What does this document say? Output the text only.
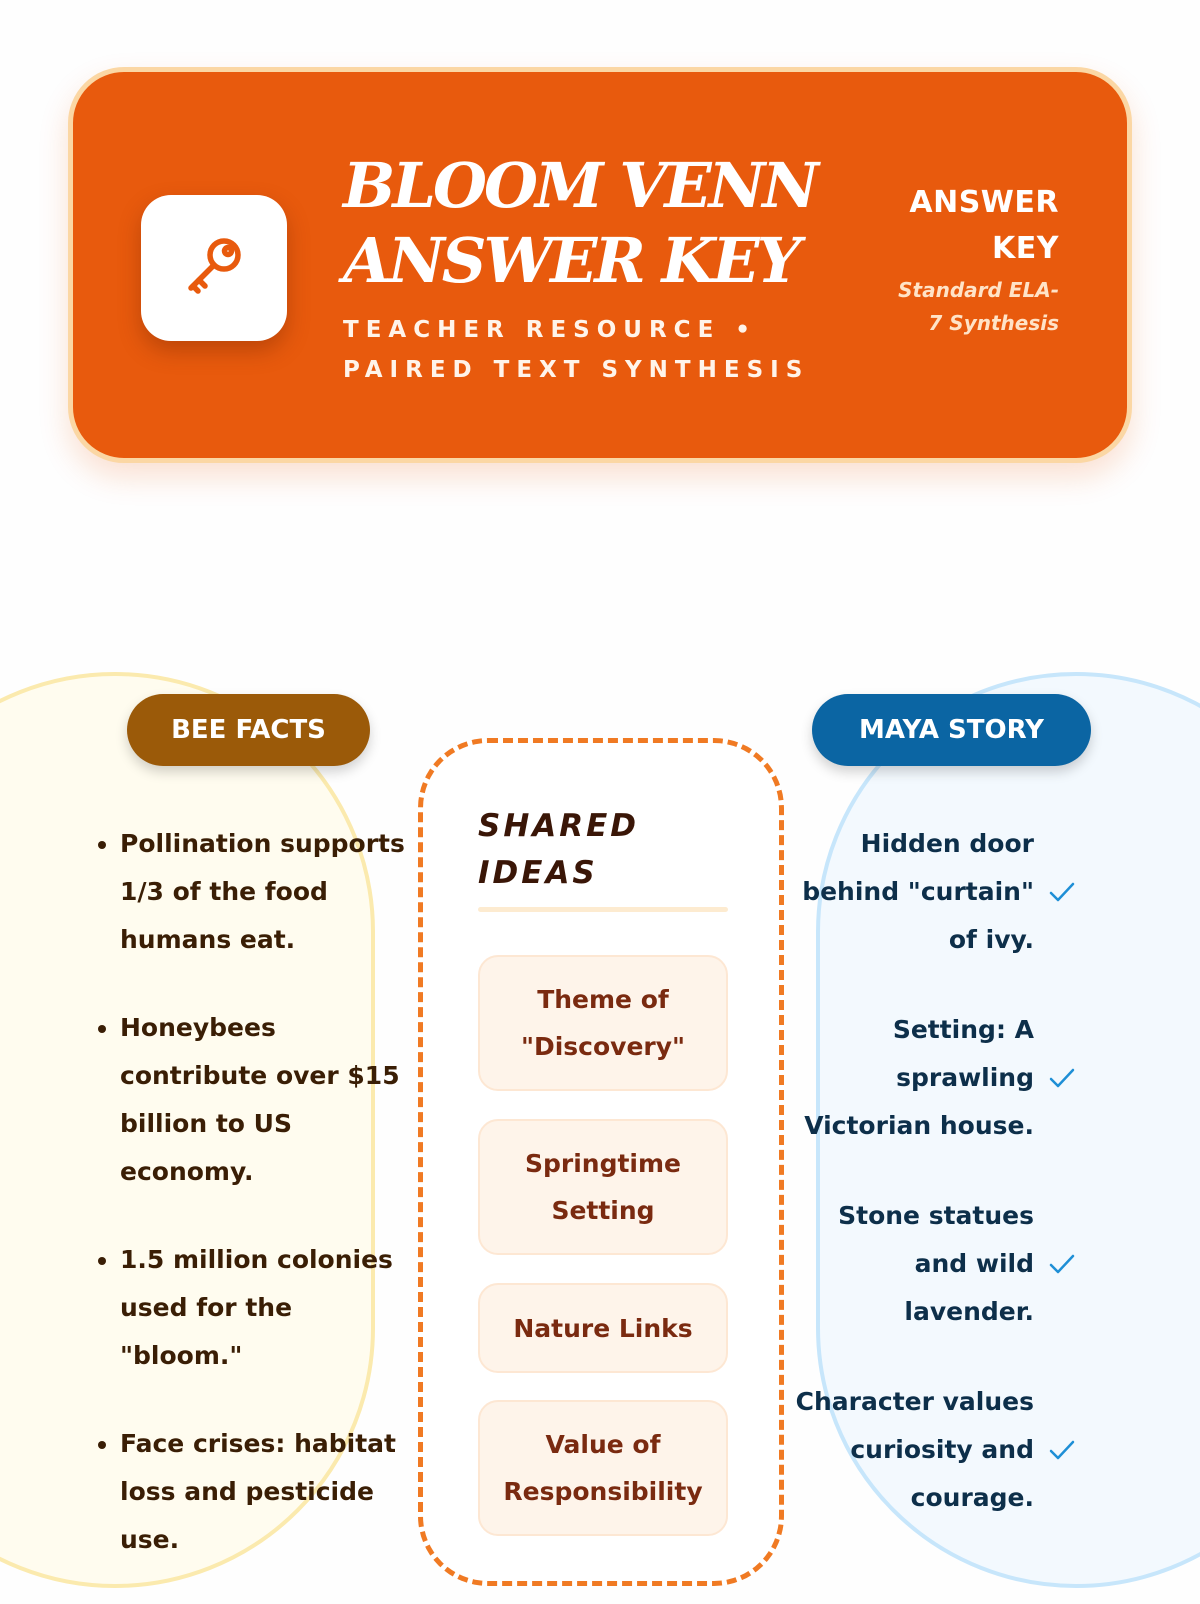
BLOOM VENN
ANSWER KEY
TEACHER RESOURCE •
PAIRED TEXT SYNTHESIS
ANSWER
KEY
Standard ELA-
7 Synthesis
BEE FACTS	MAYA STORY
• Pollination supports 1/3 of the food humans eat.
• Honeybees contribute over $15 billion to US economy.
• 1.5 million colonies used for the "bloom."
• Face crises: habitat loss and pesticide use.
Hidden door behind "curtain" of ivy.
Setting: A sprawling Victorian house.
Stone statues and wild lavender.
Character values curiosity and courage.
SHARED
IDEAS
Theme of "Discovery"
Springtime Setting
Nature Links
Value of Responsibility
